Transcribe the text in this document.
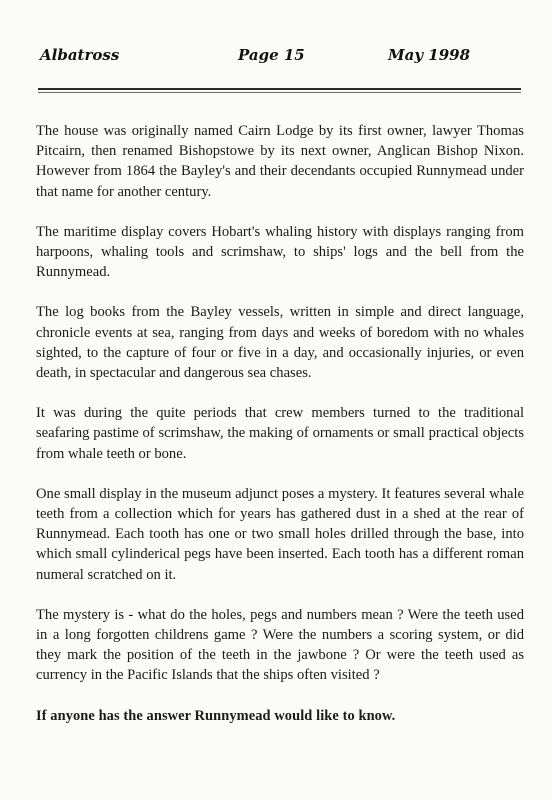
Albatross	Page 15	May 1998

The house was originally named Cairn Lodge by its first owner, lawyer Thomas Pitcairn, then renamed Bishopstowe by its next owner, Anglican Bishop Nixon. However from 1864 the Bayley's and their decendants occupied Runnymead under that name for another century.

The maritime display covers Hobart's whaling history with displays ranging from harpoons, whaling tools and scrimshaw, to ships' logs and the bell from the Runnymead.

The log books from the Bayley vessels, written in simple and direct language, chronicle events at sea, ranging from days and weeks of boredom with no whales sighted, to the capture of four or five in a day, and occasionally injuries, or even death, in spectacular and dangerous sea chases.

It was during the quite periods that crew members turned to the traditional seafaring pastime of scrimshaw, the making of ornaments or small practical objects from whale teeth or bone.

One small display in the museum adjunct poses a mystery. It features several whale teeth from a collection which for years has gathered dust in a shed at the rear of Runnymead. Each tooth has one or two small holes drilled through the base, into which small cylinderical pegs have been inserted. Each tooth has a different roman numeral scratched on it.

The mystery is - what do the holes, pegs and numbers mean ? Were the teeth used in a long forgotten childrens game ? Were the numbers a scoring system, or did they mark the position of the teeth in the jawbone ? Or were the teeth used as currency in the Pacific Islands that the ships often visited ?

If anyone has the answer Runnymead would like to know.
